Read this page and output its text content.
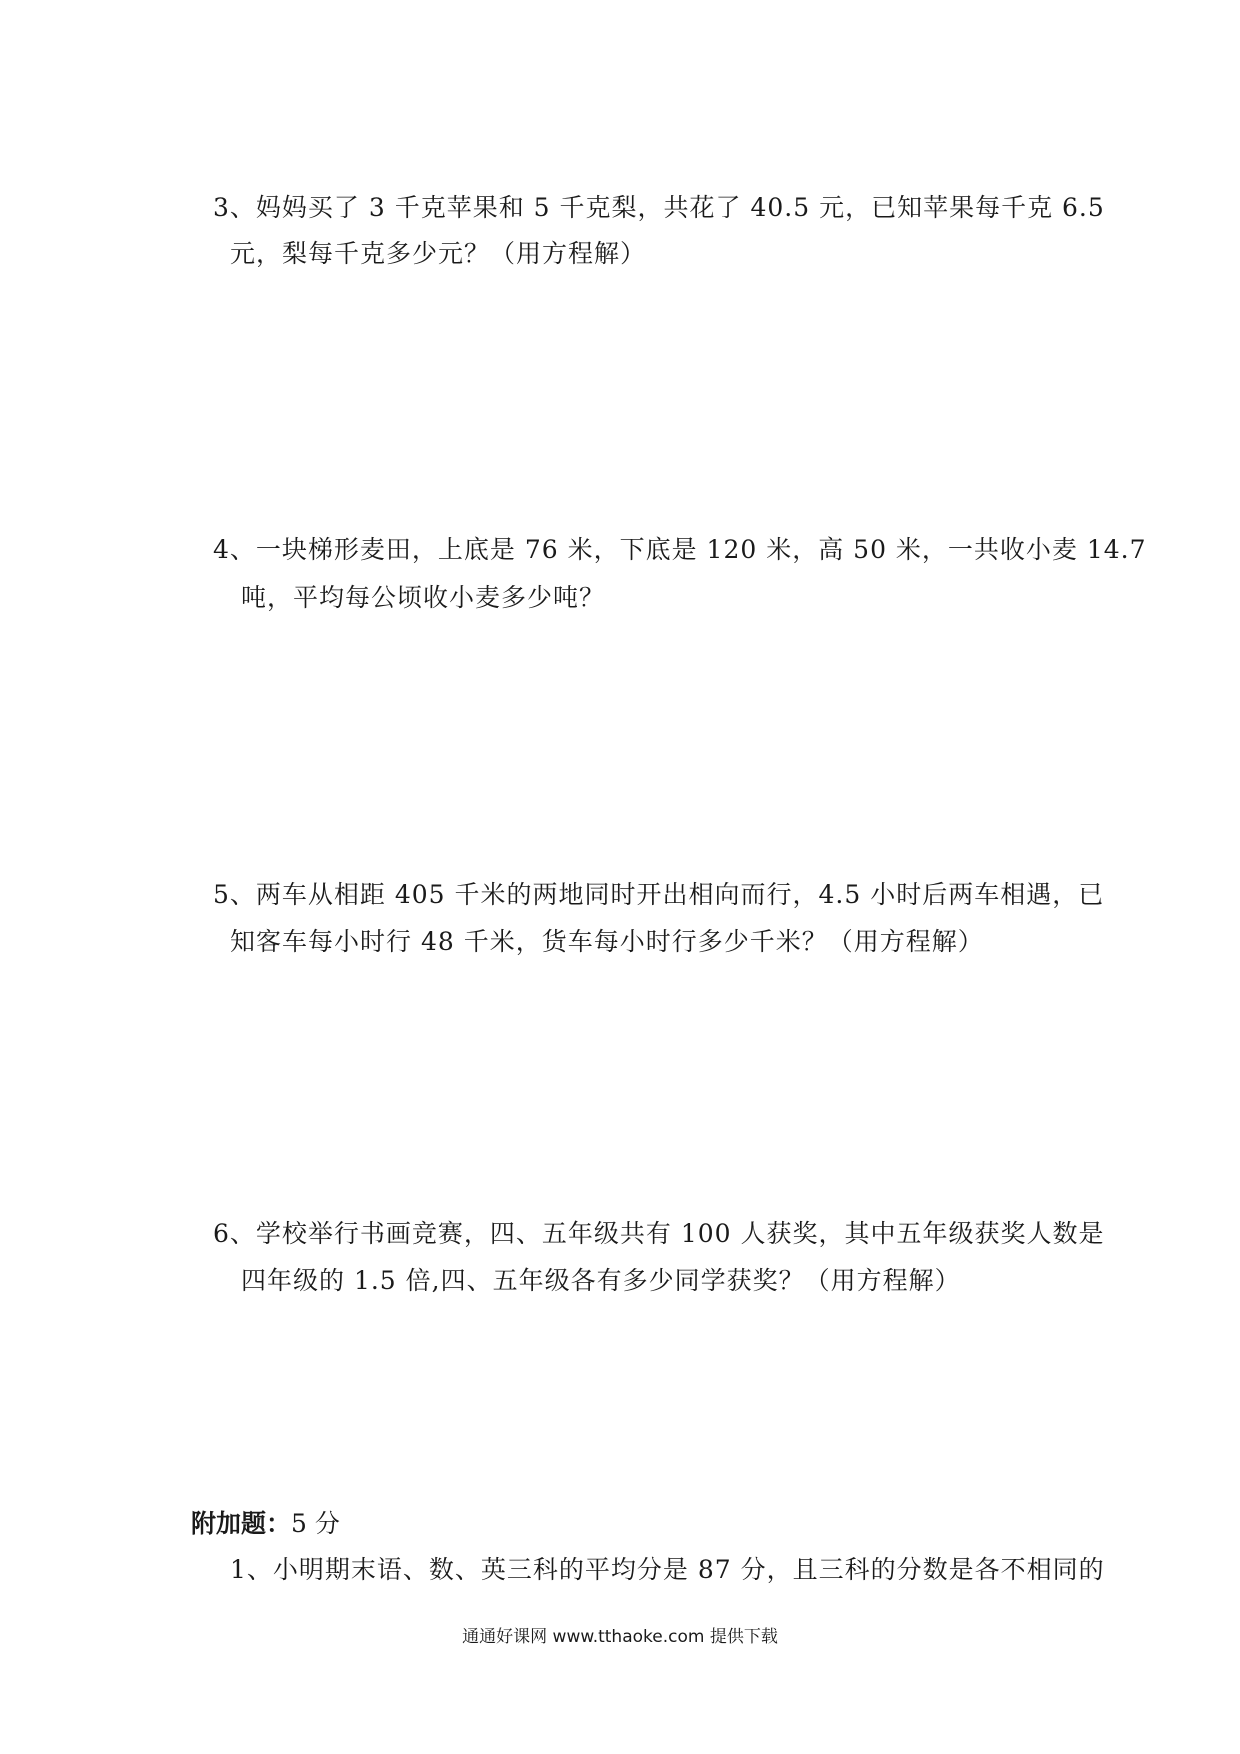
3、妈妈买了 3 千克苹果和 5 千克梨，共花了 40.5 元，已知苹果每千克 6.5
元，梨每千克多少元？（用方程解）
4、一块梯形麦田，上底是 76 米，下底是 120 米，高 50 米，一共收小麦 14.7
吨，平均每公顷收小麦多少吨？
5、两车从相距 405 千米的两地同时开出相向而行，4.5 小时后两车相遇，已
知客车每小时行 48 千米，货车每小时行多少千米？（用方程解）
6、学校举行书画竞赛，四、五年级共有 100 人获奖，其中五年级获奖人数是
四年级的 1.5 倍,四、五年级各有多少同学获奖？（用方程解）
附加题：5 分
1、小明期末语、数、英三科的平均分是 87 分，且三科的分数是各不相同的
通通好课网 www.tthaoke.com 提供下载
